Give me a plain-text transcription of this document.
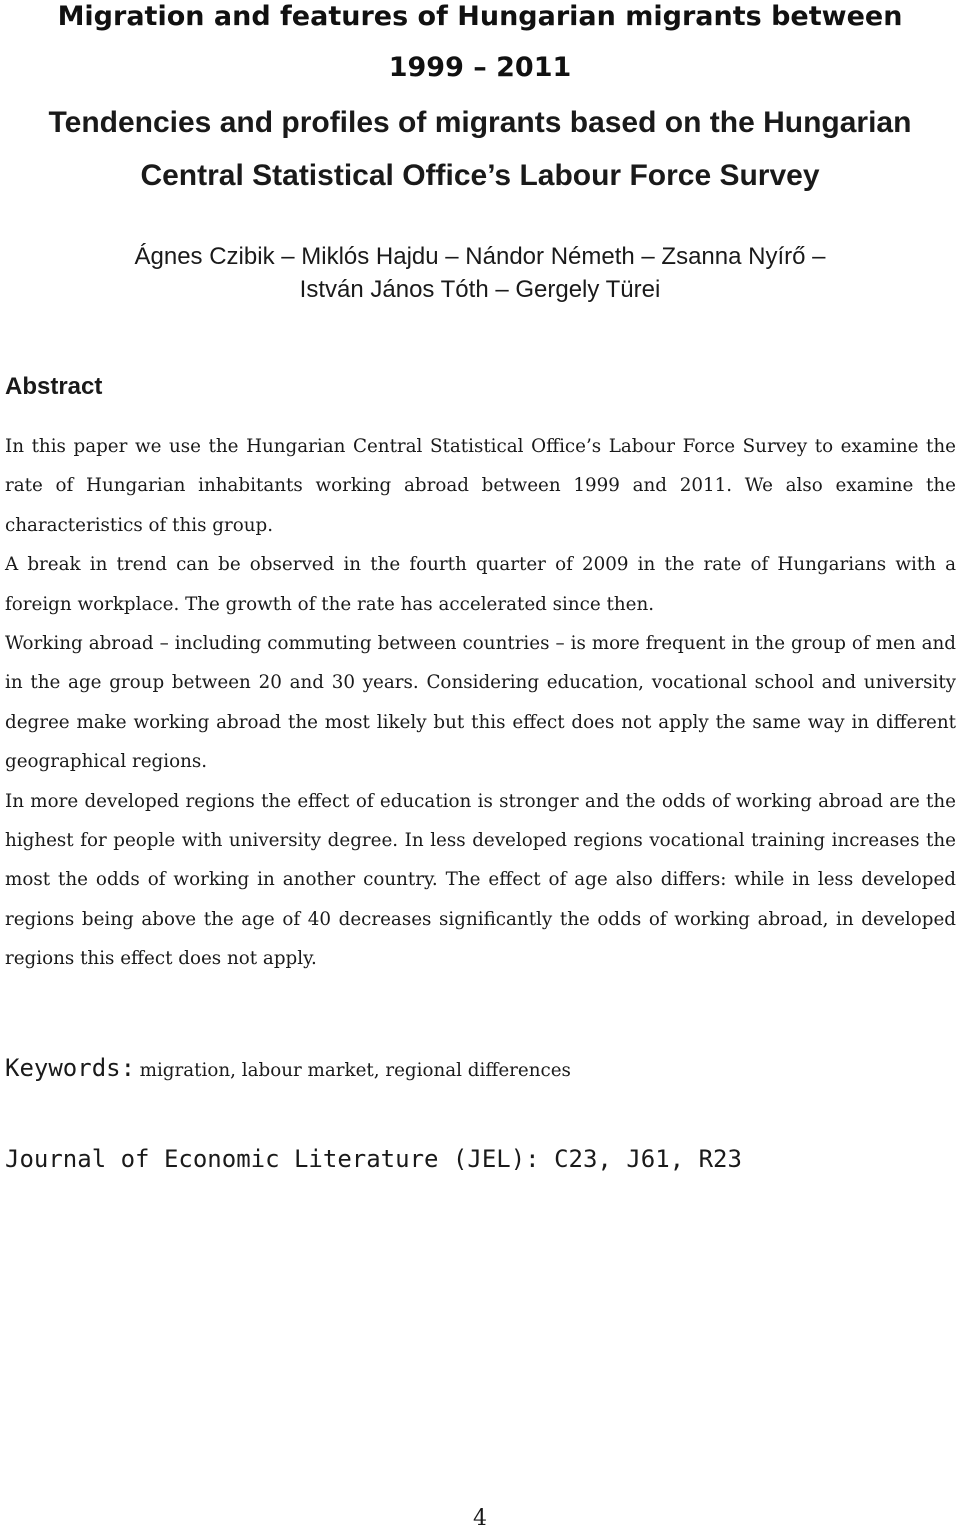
Migration and features of Hungarian migrants between
1999 – 2011
Tendencies and profiles of migrants based on the Hungarian
Central Statistical Office’s Labour Force Survey
Ágnes Czibik – Miklós Hajdu – Nándor Németh – Zsanna Nyírő –
István János Tóth – Gergely Türei
Abstract

In this paper we use the Hungarian Central Statistical Office’s Labour Force Survey to examine the rate of Hungarian inhabitants working abroad between 1999 and 2011. We also examine the characteristics of this group.

A break in trend can be observed in the fourth quarter of 2009 in the rate of Hungarians with a foreign workplace. The growth of the rate has accelerated since then.

Working abroad – including commuting between countries – is more frequent in the group of men and in the age group between 20 and 30 years. Considering education, vocational school and university degree make working abroad the most likely but this effect does not apply the same way in different geographical regions.

In more developed regions the effect of education is stronger and the odds of working abroad are the highest for people with university degree. In less developed regions vocational training increases the most the odds of working in another country. The effect of age also differs: while in less developed regions being above the age of 40 decreases significantly the odds of working abroad, in developed regions this effect does not apply.

Keywords: migration, labour market, regional differences

Journal of Economic Literature (JEL): C23, J61, R23

4
